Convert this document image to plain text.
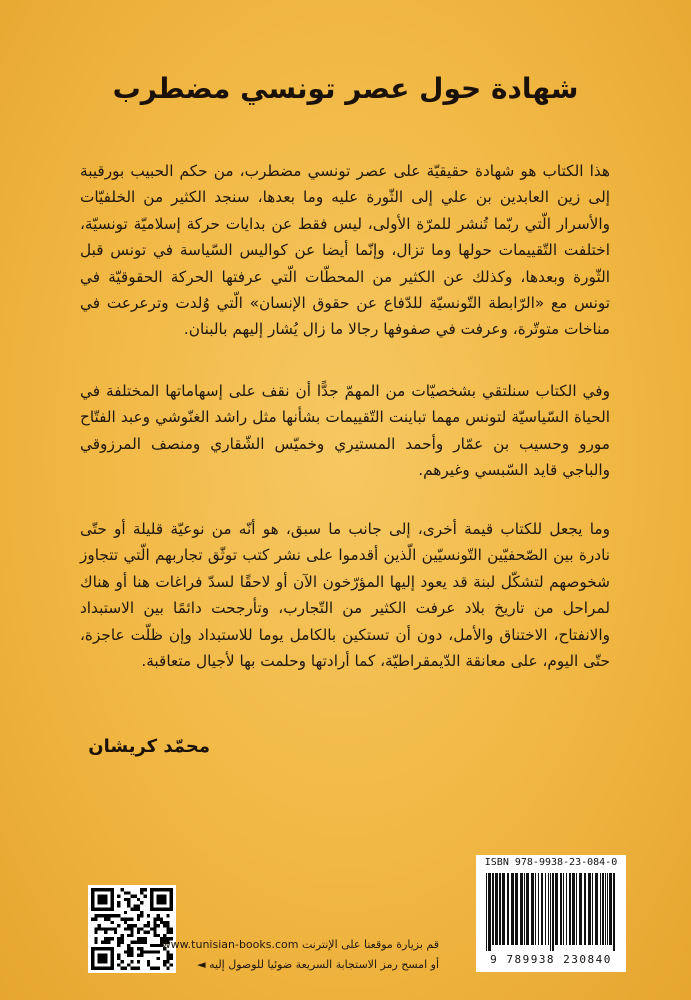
شهادة حول عصر تونسي مضطرب

هذا الكتاب هو شهادة حقيقيّة على عصر تونسي مضطرب، من حكم الحبيب بورقيبة إلى زين العابدين بن علي إلى الثّورة عليه وما بعدها، سنجد الكثير من الخلفيّات والأسرار الّتي ربّما تُنشر للمرّة الأولى، ليس فقط عن بدايات حركة إسلاميّة تونسيّة، اختلفت التّقييمات حولها وما تزال، وإنّما أيضا عن كواليس السّياسة في تونس قبل الثّورة وبعدها، وكذلك عن الكثير من المحطّات الّتي عرفتها الحركة الحقوقيّة في تونس مع «الرّابطة التّونسيّة للدّفاع عن حقوق الإنسان» الّتي وُلدت وترعرعت في مناخات متوتّرة، وعرفت في صفوفها رجالا ما زال يُشار إليهم بالبنان.

وفي الكتاب سنلتقي بشخصيّات من المهمّ جدًّا أن نقف على إسهاماتها المختلفة في الحياة السّياسيّة لتونس مهما تباينت التّقييمات بشأنها مثل راشد الغنّوشي وعبد الفتّاح مورو وحسيب بن عمّار وأحمد المستيري وخميّس الشّقاري ومنصف المرزوقي والباجي قايد السّبسي وغيرهم.

وما يجعل للكتاب قيمة أخرى، إلى جانب ما سبق، هو أنّه من نوعيّة قليلة أو حتّى نادرة بين الصّحفيّين التّونسيّين الّذين أقدموا على نشر كتب توثّق تجاربهم الّتي تتجاوز شخوصهم لتشكّل لبنة قد يعود إليها المؤرّخون الآن أو لاحقًا لسدّ فراغات هنا أو هناك لمراحل من تاريخ بلاد عرفت الكثير من التّجارب، وتأرجحت دائمًا بين الاستبداد والانفتاح، الاختناق والأمل، دون أن تستكين بالكامل يوما للاستبداد وإن ظلّت عاجزة، حتّى اليوم، على معانقة الدّيمقراطيّة، كما أرادتها وحلمت بها لأجيال متعاقبة.

محمّد كريشان
قم بزيارة موقعنا على الإنترنت www.tunisian-books.com
أو امسح رمز الاستجابة السريعة ضوئيا للوصول إليه ◄
ISBN 978-9938-23-084-0
9 789938 230840
